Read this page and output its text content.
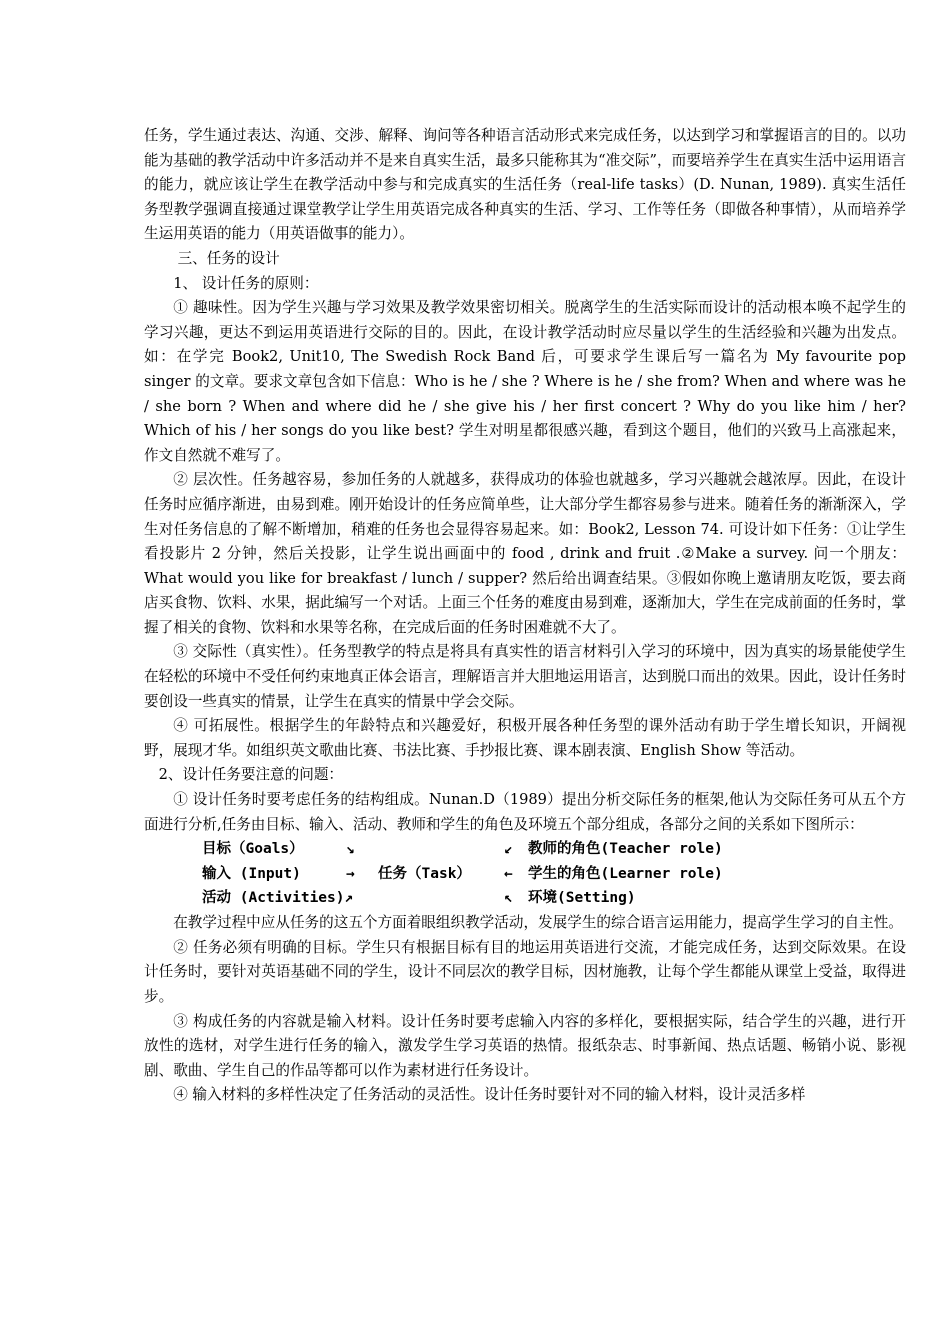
任务，学生通过表达、沟通、交涉、解释、询问等各种语言活动形式来完成任务，以达到学习和掌握语言的目的。以功能为基础的教学活动中许多活动并不是来自真实生活，最多只能称其为“准交际”，而要培养学生在真实生活中运用语言的能力，就应该让学生在教学活动中参与和完成真实的生活任务（real-life tasks）(D. Nunan, 1989). 真实生活任务型教学强调直接通过课堂教学让学生用英语完成各种真实的生活、学习、工作等任务（即做各种事情），从而培养学生运用英语的能力（用英语做事的能力）。

三、任务的设计

1、 设计任务的原则：

① 趣味性。因为学生兴趣与学习效果及教学效果密切相关。脱离学生的生活实际而设计的活动根本唤不起学生的学习兴趣，更达不到运用英语进行交际的目的。因此，在设计教学活动时应尽量以学生的生活经验和兴趣为出发点。如：在学完 Book2, Unit10, The Swedish Rock Band 后，可要求学生课后写一篇名为 My favourite pop singer 的文章。要求文章包含如下信息：Who is he / she ? Where is he / she from? When and where was he / she born ? When and where did he / she give his / her first concert ? Why do you like him / her? Which of his / her songs do you like best? 学生对明星都很感兴趣，看到这个题目，他们的兴致马上高涨起来，作文自然就不难写了。

② 层次性。任务越容易，参加任务的人就越多，获得成功的体验也就越多，学习兴趣就会越浓厚。因此，在设计任务时应循序渐进，由易到难。刚开始设计的任务应简单些，让大部分学生都容易参与进来。随着任务的渐渐深入，学生对任务信息的了解不断增加，稍难的任务也会显得容易起来。如：Book2, Lesson 74. 可设计如下任务：①让学生看投影片 2 分钟，然后关投影，让学生说出画面中的 food , drink and fruit .②Make a survey. 问一个朋友：What would you like for breakfast / lunch / supper? 然后给出调查结果。③假如你晚上邀请朋友吃饭，要去商店买食物、饮料、水果，据此编写一个对话。上面三个任务的难度由易到难，逐渐加大，学生在完成前面的任务时，掌握了相关的食物、饮料和水果等名称，在完成后面的任务时困难就不大了。

③ 交际性（真实性）。任务型教学的特点是将具有真实性的语言材料引入学习的环境中，因为真实的场景能使学生在轻松的环境中不受任何约束地真正体会语言，理解语言并大胆地运用语言，达到脱口而出的效果。因此，设计任务时要创设一些真实的情景，让学生在真实的情景中学会交际。

④ 可拓展性。根据学生的年龄特点和兴趣爱好，积极开展各种任务型的课外活动有助于学生增长知识，开阔视野，展现才华。如组织英文歌曲比赛、书法比赛、手抄报比赛、课本剧表演、English Show 等活动。

2、设计任务要注意的问题：

① 设计任务时要考虑任务的结构组成。Nunan.D（1989）提出分析交际任务的框架,他认为交际任务可从五个方面进行分析,任务由目标、输入、活动、教师和学生的角色及环境五个部分组成，各部分之间的关系如下图所示：

目标（Goals）	↘
输入 (Input)	→ 任务（Task）
↙ 教师的角色(Teacher role)
← 学生的角色(Learner role)
活动 (Activities)↗	↖ 环境(Setting)

在教学过程中应从任务的这五个方面着眼组织教学活动，发展学生的综合语言运用能力，提高学生学习的自主性。

② 任务必须有明确的目标。学生只有根据目标有目的地运用英语进行交流，才能完成任务，达到交际效果。在设计任务时，要针对英语基础不同的学生，设计不同层次的教学目标，因材施教，让每个学生都能从课堂上受益，取得进步。

③ 构成任务的内容就是输入材料。设计任务时要考虑输入内容的多样化，要根据实际，结合学生的兴趣，进行开放性的选材，对学生进行任务的输入，激发学生学习英语的热情。报纸杂志、时事新闻、热点话题、畅销小说、影视剧、歌曲、学生自己的作品等都可以作为素材进行任务设计。

④ 输入材料的多样性决定了任务活动的灵活性。设计任务时要针对不同的输入材料，设计灵活多样
